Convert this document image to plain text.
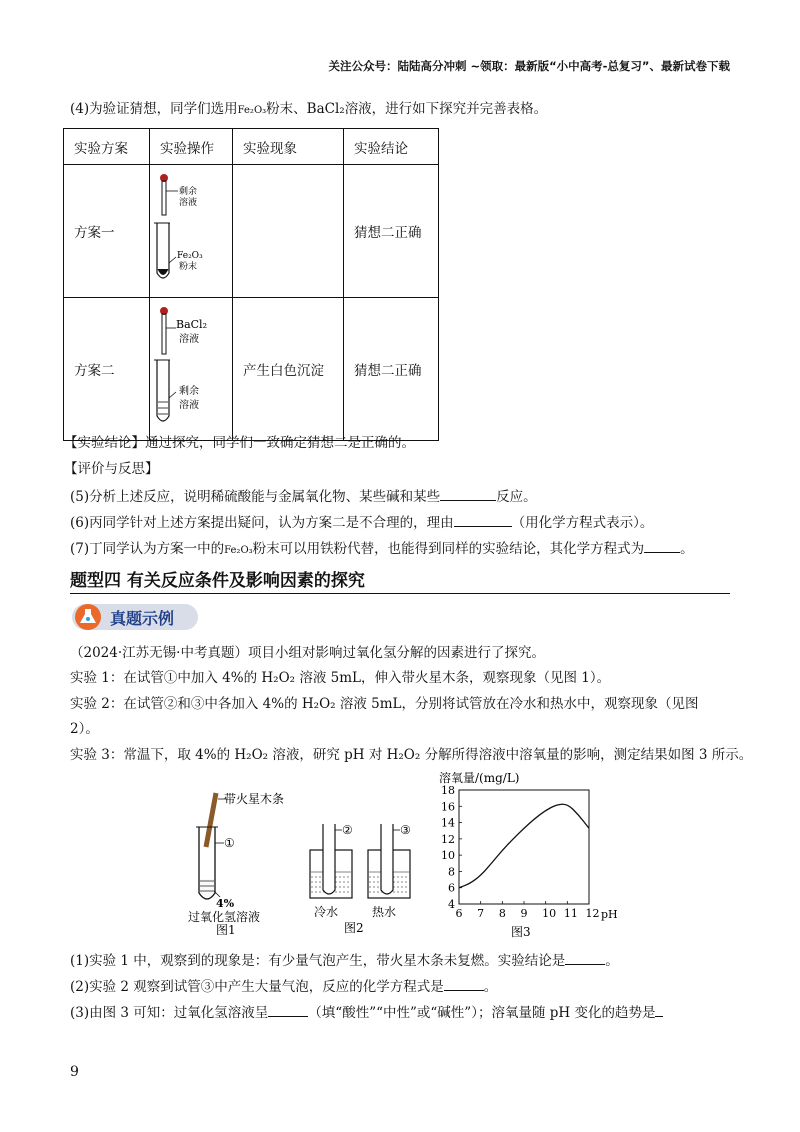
关注公众号：陆陆高分冲刺 ~领取：最新版“小中高考-总复习”、最新试卷下载
(4)为验证猜想，同学们选用Fe₂O₃粉末、BaCl₂溶液，进行如下探究并完善表格。
实验方案	实验操作	实验现象	实验结论
方案一	剩余
溶液
Fe₂O₃
粉末		猜想二正确
方案二	BaCl₂
溶液
剩余
溶液	产生白色沉淀	猜想二正确
【实验结论】通过探究，同学们一致确定猜想二是正确的。
【评价与反思】
(5)分析上述反应，说明稀硫酸能与金属氧化物、某些碱和某些	反应。
(6)丙同学针对上述方案提出疑问，认为方案二是不合理的，理由	（用化学方程式表示）。
(7)丁同学认为方案一中的Fe₂O₃粉末可以用铁粉代替，也能得到同样的实验结论，其化学方程式为	。
题型四 有关反应条件及影响因素的探究
真题示例
（2024·江苏无锡·中考真题）项目小组对影响过氧化氢分解的因素进行了探究。
实验 1：在试管①中加入 4%的 H₂O₂ 溶液 5mL，伸入带火星木条，观察现象（见图 1）。
实验 2：在试管②和③中各加入 4%的 H₂O₂ 溶液 5mL，分别将试管放在冷水和热水中，观察现象（见图
2）。
实验 3：常温下，取 4%的 H₂O₂ 溶液，研究 pH 对 H₂O₂ 分解所得溶液中溶氧量的影响，测定结果如图 3 所示。
带火星木条
①
4%
过氧化氢溶液
图1
②	③
冷水	热水
图2
6 7 8 9 10 11 12
4
6
8
10
12
14
16
18
溶氧量/(mg/L)
pH
图3
(1)实验 1 中，观察到的现象是：有少量气泡产生，带火星木条未复燃。实验结论是	。
(2)实验 2 观察到试管③中产生大量气泡，反应的化学方程式是	。
(3)由图 3 可知：过氧化氢溶液呈	（填“酸性”“中性”或“碱性”）；溶氧量随 pH 变化的趋势是
9
